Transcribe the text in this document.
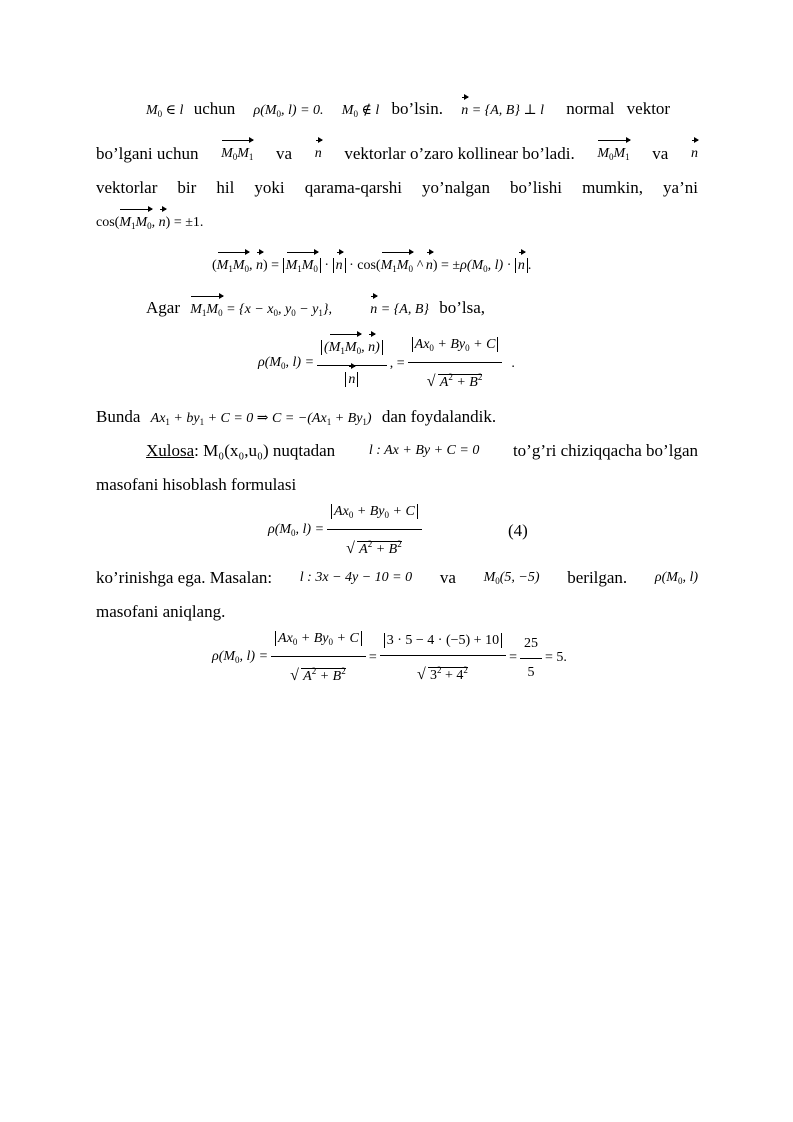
$M_0$ ∈ l uchun $\rho(M_0$, l) = 0. $M_0$ ∉ l bo’lsin. n = {A, B} ⊥ l normal vektor
bo’lgani uchun $M_0M_1$ va n vektorlar o’zaro kollinear bo’ladi. $M_0M_1$ va n
vektorlar bir hil yoki qarama-qarshi yo’nalgan bo’lishi mumkin, ya’ni
$\cos(M_1M_0$, n) = ±1.
($M_1M_0$, $n) = M_1M_0 \cdot n \cdot \cos(M_1M_0$ ^ $n) = \pm\rho(M_0$, l) · n .
Agar $M_1M_0 = \{x - x_0$, $y_0 - y_1$},	n = {A, B} bo’lsa,
$\rho(M_0$, $l) = \frac{(M_1M_0, n)}{n}$ , = $Ax_0 + By_0 + C$
√ $A^2 + B^2$ .
Bunda $Ax_1 + by_1 + C = 0$ ⇒ $C = -(Ax_1 + By_1)$ dan foydalandik.
Xulosa: M₀(x₀,u₀) nuqtadan l : Ax + By + C = 0 to’g’ri chiziqqacha bo’lgan
masofani hisoblash formulasi
$\rho(M_0$, $l) = Ax_0 + By_0 + C$
√ $A^2 + B^2$	(4)
ko’rinishga ega. Masalan: l : 3x − 4y − 10 = 0 va $M_0(5$, −5) berilgan. $\rho(M_0$, l)
masofani aniqlang.
$\rho(M_0$, $l) = Ax_0 + By_0 + C$
√ $A^2 + B^2 = 3 \cdot 5 - 4 \cdot (-5) + 10$
√ $3^2 + 4^2 = \frac{25}{5} = 5$.
